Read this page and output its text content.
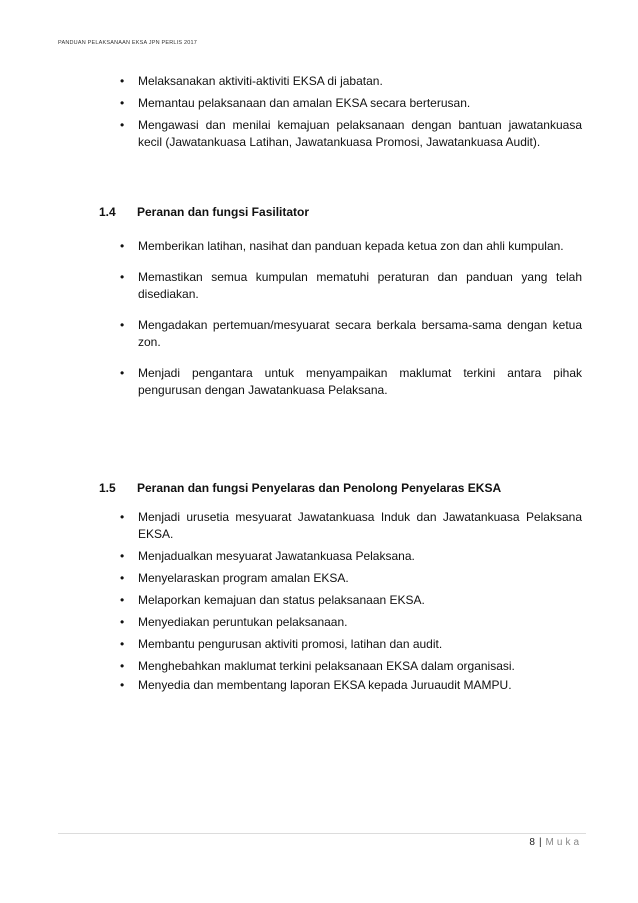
PANDUAN PELAKSANAAN EKSA JPN PERLIS 2017
• Melaksanakan aktiviti-aktiviti EKSA di jabatan.
• Memantau pelaksanaan dan amalan EKSA secara berterusan.
• Mengawasi dan menilai kemajuan pelaksanaan dengan bantuan jawatankuasa kecil (Jawatankuasa Latihan, Jawatankuasa Promosi, Jawatankuasa Audit).
1.4 Peranan dan fungsi Fasilitator
• Memberikan latihan, nasihat dan panduan kepada ketua zon dan ahli kumpulan.
• Memastikan semua kumpulan mematuhi peraturan dan panduan yang telah disediakan.
• Mengadakan pertemuan/mesyuarat secara berkala bersama-sama dengan ketua zon.
• Menjadi pengantara untuk menyampaikan maklumat terkini antara pihak pengurusan dengan Jawatankuasa Pelaksana.
1.5 Peranan dan fungsi Penyelaras dan Penolong Penyelaras EKSA
• Menjadi urusetia mesyuarat Jawatankuasa Induk dan Jawatankuasa Pelaksana EKSA.
• Menjadualkan mesyuarat Jawatankuasa Pelaksana.
• Menyelaraskan program amalan EKSA.
• Melaporkan kemajuan dan status pelaksanaan EKSA.
• Menyediakan peruntukan pelaksanaan.
• Membantu pengurusan aktiviti promosi, latihan dan audit.
• Menghebahkan maklumat terkini pelaksanaan EKSA dalam organisasi.
• Menyedia dan membentang laporan EKSA kepada Juruaudit MAMPU.
8 | Muka
